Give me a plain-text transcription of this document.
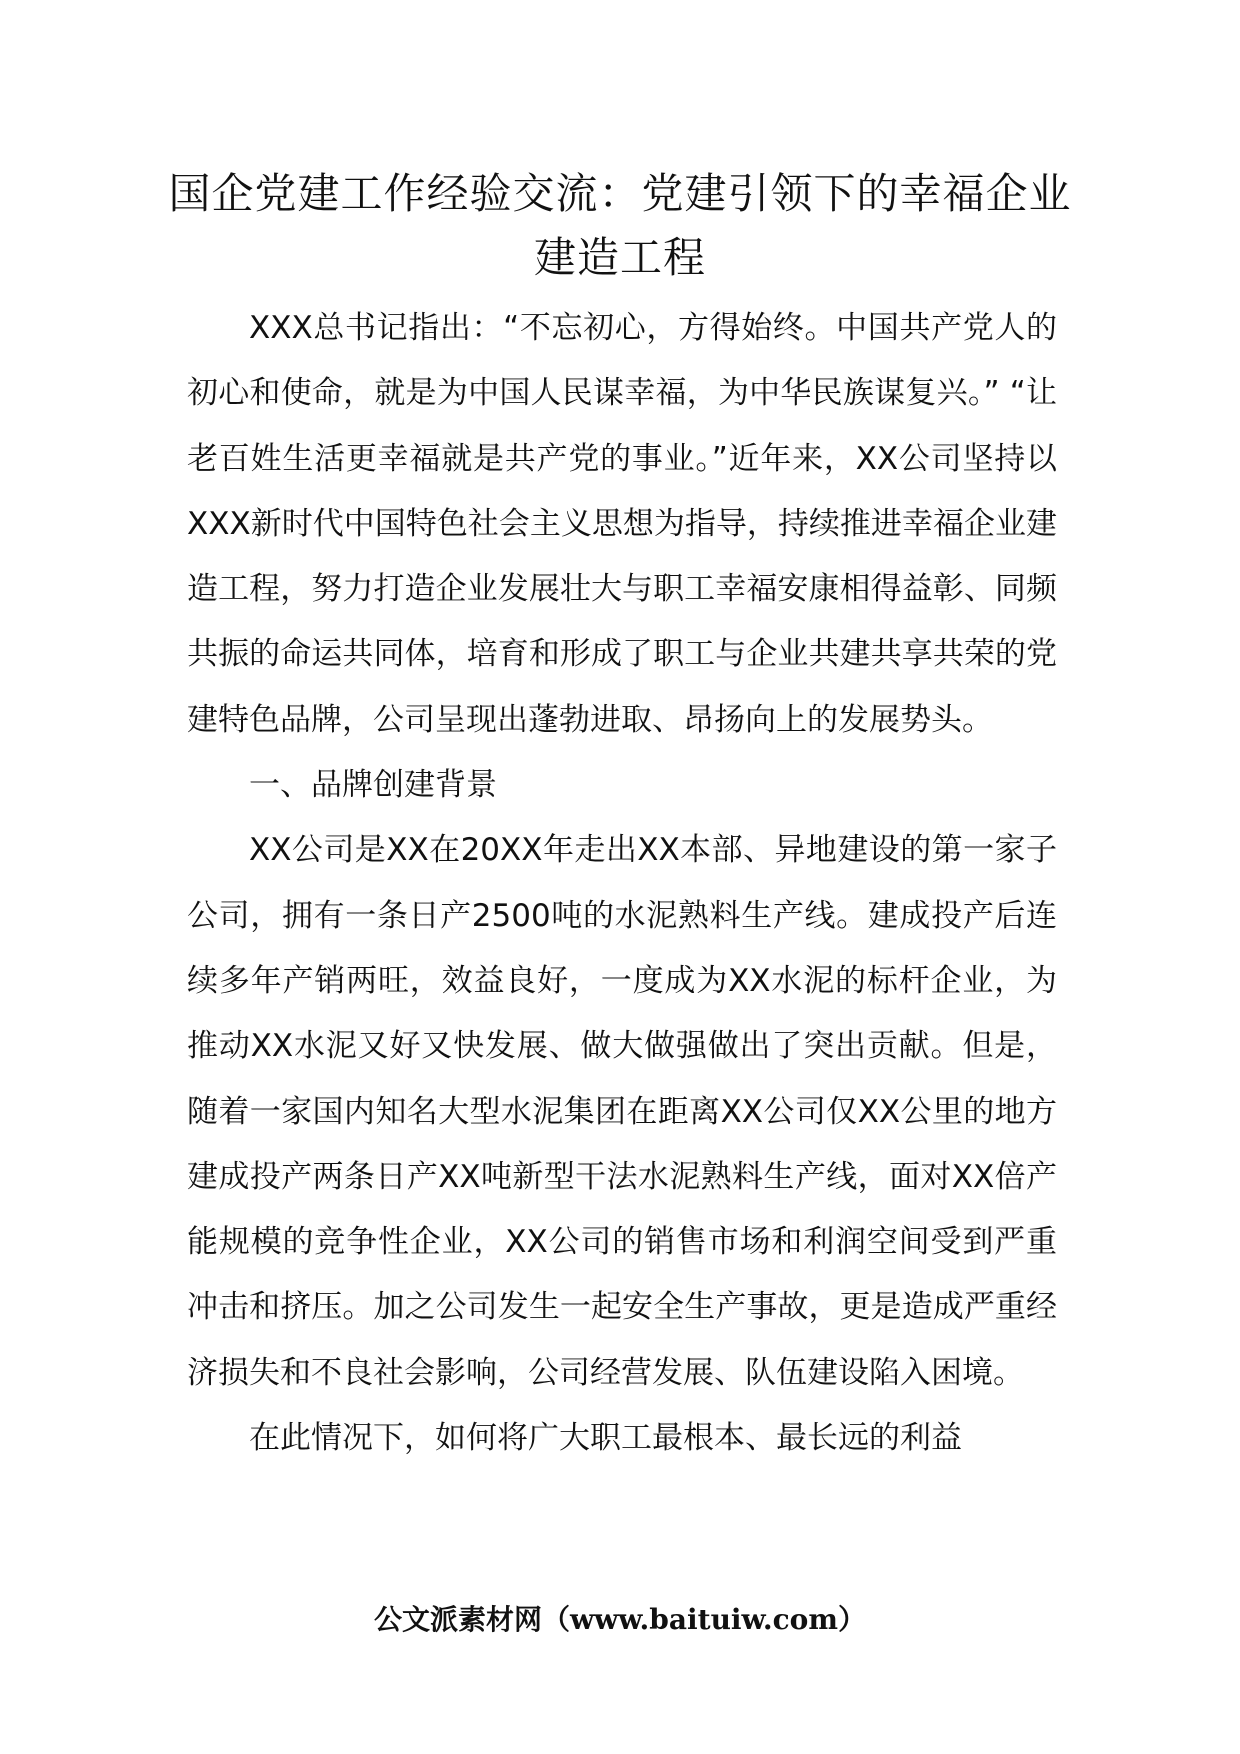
国企党建工作经验交流：党建引领下的幸福企业建造工程

XXX总书记指出：“不忘初心，方得始终。中国共产党人的初心和使命，就是为中国人民谋幸福，为中华民族谋复兴。” “让老百姓生活更幸福就是共产党的事业。”近年来，XX公司坚持以XXX新时代中国特色社会主义思想为指导，持续推进幸福企业建造工程，努力打造企业发展壮大与职工幸福安康相得益彰、同频共振的命运共同体，培育和形成了职工与企业共建共享共荣的党建特色品牌，公司呈现出蓬勃进取、昂扬向上的发展势头。

一、品牌创建背景

XX公司是XX在20XX年走出XX本部、异地建设的第一家子公司，拥有一条日产2500吨的水泥熟料生产线。建成投产后连续多年产销两旺，效益良好，一度成为XX水泥的标杆企业，为推动XX水泥又好又快发展、做大做强做出了突出贡献。但是，随着一家国内知名大型水泥集团在距离XX公司仅XX公里的地方建成投产两条日产XX吨新型干法水泥熟料生产线，面对XX倍产能规模的竞争性企业，XX公司的销售市场和利润空间受到严重冲击和挤压。加之公司发生一起安全生产事故，更是造成严重经济损失和不良社会影响，公司经营发展、队伍建设陷入困境。

在此情况下，如何将广大职工最根本、最长远的利益

公文派素材网（www.baituiw.com）
